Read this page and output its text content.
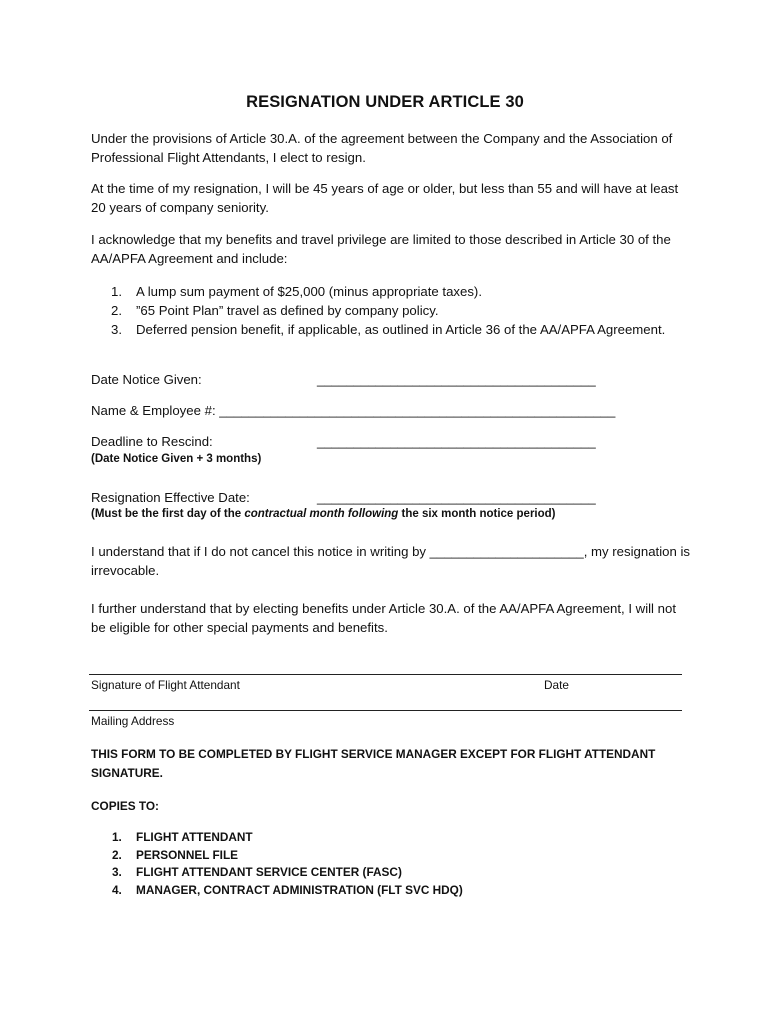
RESIGNATION UNDER ARTICLE 30

Under the provisions of Article 30.A. of the agreement between the Company and the Association of Professional Flight Attendants, I elect to resign.

At the time of my resignation, I will be 45 years of age or older, but less than 55 and will have at least 20 years of company seniority.

I acknowledge that my benefits and travel privilege are limited to those described in Article 30 of the AA/APFA Agreement and include:

1. A lump sum payment of $25,000 (minus appropriate taxes).
2. ”65 Point Plan” travel as defined by company policy.
3. Deferred pension benefit, if applicable, as outlined in Article 36 of the AA/APFA Agreement.
Date Notice Given:	______________________________________
Name & Employee #: ______________________________________________________
Deadline to Rescind:	______________________________________
(Date Notice Given + 3 months)
Resignation Effective Date:	______________________________________
(Must be the first day of the contractual month following the six month notice period)

I understand that if I do not cancel this notice in writing by _____________________, my resignation is irrevocable.

I further understand that by electing benefits under Article 30.A. of the AA/APFA Agreement, I will not be eligible for other special payments and benefits.

Signature of Flight Attendant	Date
Mailing Address

THIS FORM TO BE COMPLETED BY FLIGHT SERVICE MANAGER EXCEPT FOR FLIGHT ATTENDANT SIGNATURE.

COPIES TO:

1. FLIGHT ATTENDANT
2. PERSONNEL FILE
3. FLIGHT ATTENDANT SERVICE CENTER (FASC)
4. MANAGER, CONTRACT ADMINISTRATION (FLT SVC HDQ)
